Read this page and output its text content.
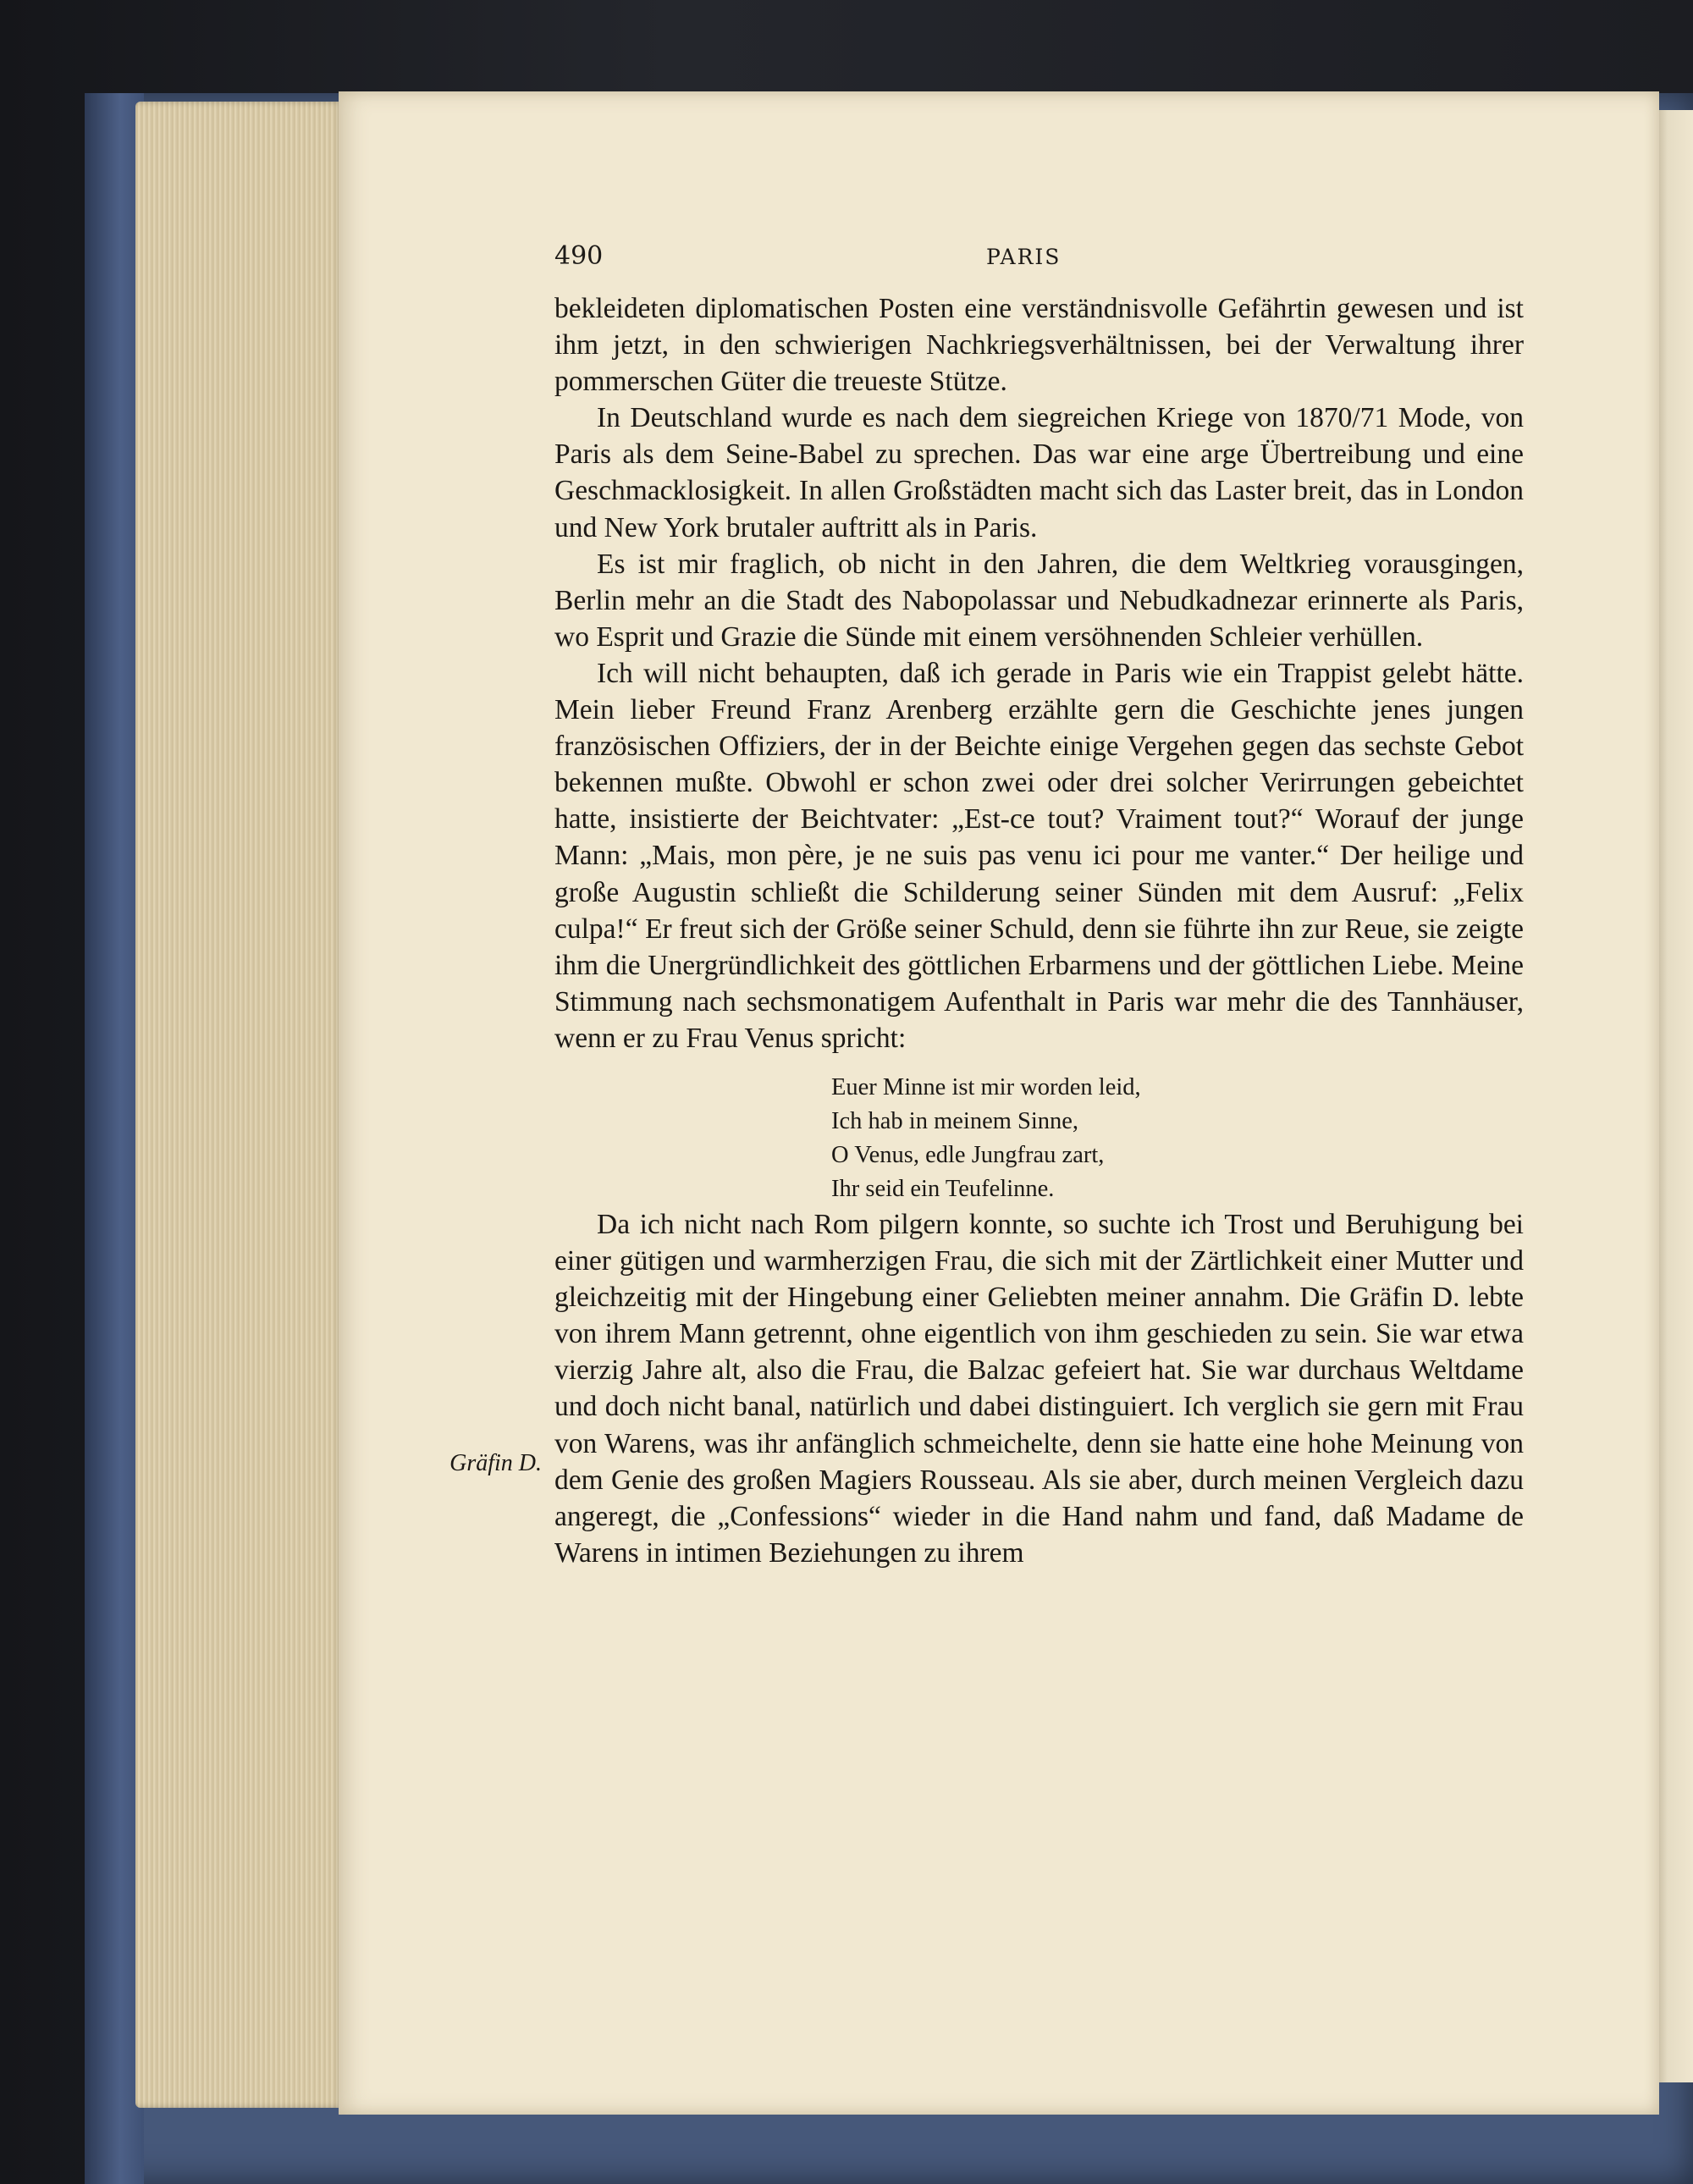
490	PARIS
Gräfin D.

bekleideten diplomatischen Posten eine verständnisvolle Gefährtin gewesen und ist ihm jetzt, in den schwierigen Nachkriegsverhältnissen, bei der Verwaltung ihrer pommerschen Güter die treueste Stütze.

In Deutschland wurde es nach dem siegreichen Kriege von 1870/71 Mode, von Paris als dem Seine-Babel zu sprechen. Das war eine arge Übertreibung und eine Geschmacklosigkeit. In allen Großstädten macht sich das Laster breit, das in London und New York brutaler auftritt als in Paris.

Es ist mir fraglich, ob nicht in den Jahren, die dem Weltkrieg vorausgingen, Berlin mehr an die Stadt des Nabopolassar und Nebudkadnezar erinnerte als Paris, wo Esprit und Grazie die Sünde mit einem versöhnenden Schleier verhüllen.

Ich will nicht behaupten, daß ich gerade in Paris wie ein Trappist gelebt hätte. Mein lieber Freund Franz Arenberg erzählte gern die Geschichte jenes jungen französischen Offiziers, der in der Beichte einige Vergehen gegen das sechste Gebot bekennen mußte. Obwohl er schon zwei oder drei solcher Verirrungen gebeichtet hatte, insistierte der Beichtvater: „Est-ce tout? Vraiment tout?“ Worauf der junge Mann: „Mais, mon père, je ne suis pas venu ici pour me vanter.“ Der heilige und große Augustin schließt die Schilderung seiner Sünden mit dem Ausruf: „Felix culpa!“ Er freut sich der Größe seiner Schuld, denn sie führte ihn zur Reue, sie zeigte ihm die Unergründlichkeit des göttlichen Erbarmens und der göttlichen Liebe. Meine Stimmung nach sechsmonatigem Aufenthalt in Paris war mehr die des Tannhäuser, wenn er zu Frau Venus spricht:

Euer Minne ist mir worden leid,
Ich hab in meinem Sinne,
O Venus, edle Jungfrau zart,
Ihr seid ein Teufelinne.

Da ich nicht nach Rom pilgern konnte, so suchte ich Trost und Beruhigung bei einer gütigen und warmherzigen Frau, die sich mit der Zärtlichkeit einer Mutter und gleichzeitig mit der Hingebung einer Geliebten meiner annahm. Die Gräfin D. lebte von ihrem Mann getrennt, ohne eigentlich von ihm geschieden zu sein. Sie war etwa vierzig Jahre alt, also die Frau, die Balzac gefeiert hat. Sie war durchaus Weltdame und doch nicht banal, natürlich und dabei distinguiert. Ich verglich sie gern mit Frau von Warens, was ihr anfänglich schmeichelte, denn sie hatte eine hohe Meinung von dem Genie des großen Magiers Rousseau. Als sie aber, durch meinen Vergleich dazu angeregt, die „Confessions“ wieder in die Hand nahm und fand, daß Madame de Warens in intimen Beziehungen zu ihrem
